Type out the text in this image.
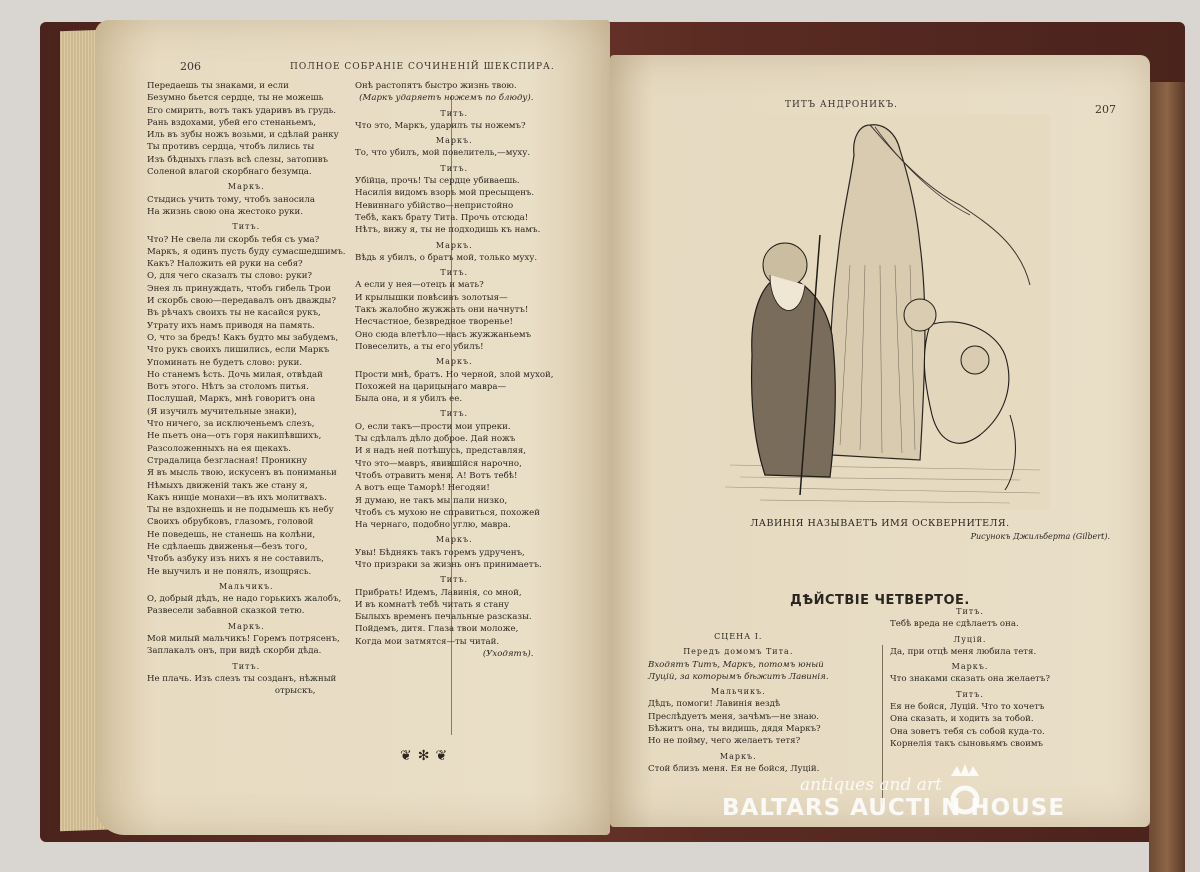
206	ПОЛНОЕ СОБРАНІЕ СОЧИНЕНІЙ ШЕКСПИРА.
Передаешь ты знаками, и если
Безумно бьется сердце, ты не можешь
Его смирить, вотъ такъ ударивъ въ грудь.
Рань вздохами, убей его стенаньемъ,
Иль въ зубы ножъ возьми, и сдѣлай ранку
Ты противъ сердца, чтобъ лились ты
Изъ бѣдныхъ глазъ всѣ слезы, затопивъ
Соленой влагой скорбнаго безумца.
Маркъ.
Стыдись учить тому, чтобъ заносила
На жизнь свою она жестоко руки.
Титъ.
Что? Не свела ли скорбь тебя съ ума?
Маркъ, я одинъ пусть буду сумасшедшимъ.
Какъ? Наложить ей руки на себя?
О, для чего сказалъ ты слово: руки?
Энея ль принуждать, чтобъ гибель Трои
И скорбь свою—передавалъ онъ дважды?
Въ рѣчахъ своихъ ты не касайся рукъ,
Утрату ихъ намъ приводя на память.
О, что за бредъ! Какъ будто мы забудемъ,
Что рукъ своихъ лишились, если Маркъ
Упоминать не будетъ слово: руки.
Но станемъ ѣсть. Дочь милая, отвѣдай
Вотъ этого. Нѣтъ за столомъ питья.
Послушай, Маркъ, мнѣ говоритъ она
(Я изучилъ мучительные знаки),
Что ничего, за исключеньемъ слезъ,
Не пьетъ она—отъ горя накипѣвшихъ,
Разсоложенныхъ на ея щекахъ.
Страдалица безгласная! Проникну
Я въ мысль твою, искусенъ въ пониманьи
Нѣмыхъ движеній такъ же стану я,
Какъ нищіе монахи—въ ихъ молитвахъ.
Ты не вздохнешь и не подымешь къ небу
Своихъ обрубковъ, глазомъ, головой
Не поведешь, не станешь на колѣни,
Не сдѣлаешь движенья—безъ того,
Чтобъ азбуку изъ нихъ я не составилъ,
Не выучилъ и не понялъ, изощрясь.
Мальчикъ.
О, добрый дѣдъ, не надо горькихъ жалобъ,
Развесели забавной сказкой тетю.
Маркъ.
Мой милый мальчикъ! Горемъ потрясенъ,
Заплакалъ онъ, при видѣ скорби дѣда.
Титъ.
Не плачь. Изъ слезъ ты созданъ, нѣжный
отрыскъ,
Онѣ растопятъ быстро жизнь твою.
(Маркъ ударяетъ ножемъ по блюду).
Титъ.
Что это, Маркъ, ударилъ ты ножемъ?
Маркъ.
То, что убилъ, мой повелитель,—муху.
Титъ.
Убійца, прочь! Ты сердце убиваешь.
Насилія видомъ взоръ мой пресыщенъ.
Невиннаго убійство—непристойно
Тебѣ, какъ брату Тита. Прочь отсюда!
Нѣтъ, вижу я, ты не подходишь къ намъ.
Маркъ.
Вѣдь я убилъ, о братъ мой, только муху.
Титъ.
А если у нея—отецъ и мать?
И крылышки повѣсивъ золотыя—
Такъ жалобно жужжать они начнутъ!
Несчастное, безвредное твореньe!
Оно сюда влетѣло—насъ жужжаньемъ
Повеселить, а ты его убилъ!
Маркъ.
Прости мнѣ, братъ. Но черной, злой мухой,
Похожей на царицынаго мавра—
Была она, и я убилъ ее.
Титъ.
О, если такъ—прости мои упреки.
Ты сдѣлалъ дѣло доброе. Дай ножъ
И я надъ ней потѣшусь, представляя,
Что это—мавръ, явившійся нарочно,
Чтобъ отравить меня. А! Вотъ тебѣ!
А вотъ еще Таморѣ! Негодяи!
Я думаю, не такъ мы пали низко,
Чтобъ съ мухою не справиться, похожей
На чернаго, подобно углю, мавра.
Маркъ.
Увы! Бѣднякъ такъ горемъ удрученъ,
Что призраки за жизнь онъ принимаетъ.
Титъ.
Прибрать! Идемъ, Лавинія, со мной,
И въ комнатѣ тебѣ читать я стану
Былыхъ временъ печальные разсказы.
Пойдемъ, дитя. Глаза твои моложе,
Когда мои затмятся—ты читай.
(Уходятъ).
❦✻❦
ТИТЪ АНДРОНИКЪ.	207
ЛАВИНІЯ НАЗЫВАЕТЪ ИМЯ ОСКВЕРНИТЕЛЯ.
Рисунокъ Джильберта (Gilbert).
ДѢЙСТВІЕ ЧЕТВЕРТОЕ.
СЦЕНА I.
Передъ домомъ Тита.
Входятъ Титъ, Маркъ, потомъ юный
Луцій, за которымъ бѣжитъ Лавинія.
Мальчикъ.
Дѣдъ, помоги! Лавинія вездѣ
Преслѣдуетъ меня, зачѣмъ—не знаю.
Бѣжитъ она, ты видишь, дядя Маркъ?
Но не пойму, чего желаетъ тетя?
Маркъ.
Стой близъ меня. Ея не бойся, Луцій.
Титъ.
Тебѣ вреда не сдѣлаетъ она.
Луцій.
Да, при отцѣ меня любила тетя.
Маркъ.
Что знаками сказать она желаетъ?
Титъ.
Ея не бойся, Луцій. Что то хочетъ
Она сказать, и ходить за тобой.
Она зоветъ тебя съ собой куда-то.
Корнелія такъ сыновьямъ своимъ
antiques and art
BALTARS AUCTI N HOUSE
